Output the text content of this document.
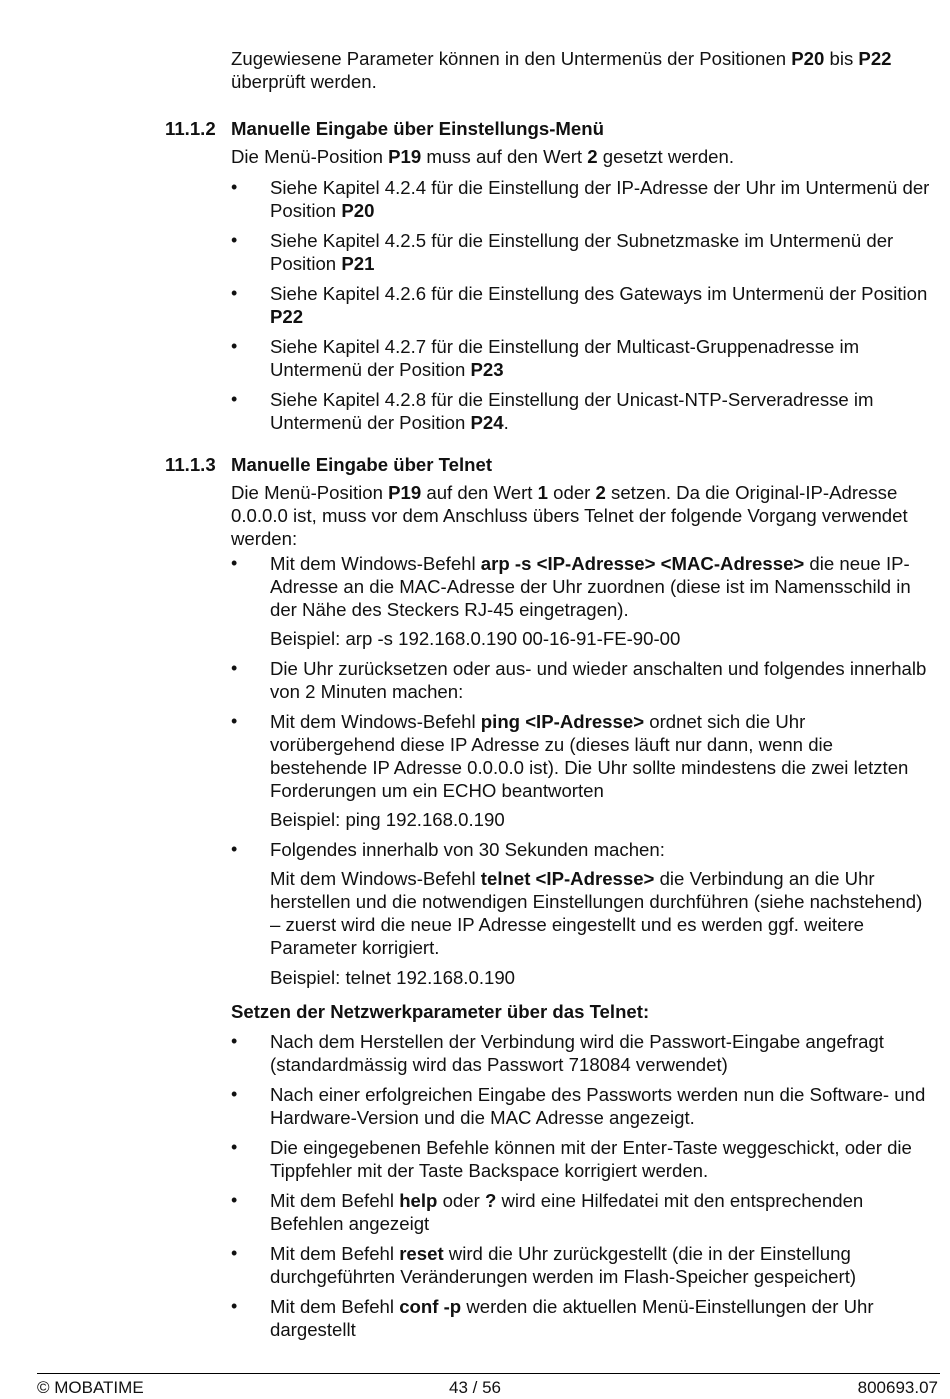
Zugewiesene Parameter können in den Untermenüs der Positionen P20 bis P22 überprüft werden.

11.1.2 Manuelle Eingabe über Einstellungs-Menü

Die Menü-Position P19 muss auf den Wert 2 gesetzt werden.

• Siehe Kapitel 4.2.4 für die Einstellung der IP-Adresse der Uhr im Untermenü der Position P20
• Siehe Kapitel 4.2.5 für die Einstellung der Subnetzmaske im Untermenü der Position P21
• Siehe Kapitel 4.2.6 für die Einstellung des Gateways im Untermenü der Position P22
• Siehe Kapitel 4.2.7 für die Einstellung der Multicast-Gruppenadresse im Untermenü der Position P23
• Siehe Kapitel 4.2.8 für die Einstellung der Unicast-NTP-Serveradresse im Untermenü der Position P24.
11.1.3 Manuelle Eingabe über Telnet

Die Menü-Position P19 auf den Wert 1 oder 2 setzen. Da die Original-IP-Adresse 0.0.0.0 ist, muss vor dem Anschluss übers Telnet der folgende Vorgang verwendet werden:

• Mit dem Windows-Befehl arp -s <IP-Adresse> <MAC-Adresse> die neue IP-Adresse an die MAC-Adresse der Uhr zuordnen (diese ist im Namensschild in der Nähe des Steckers RJ-45 eingetragen).
Beispiel: arp -s 192.168.0.190 00-16-91-FE-90-00
• Die Uhr zurücksetzen oder aus- und wieder anschalten und folgendes innerhalb von 2 Minuten machen:
• Mit dem Windows-Befehl ping <IP-Adresse> ordnet sich die Uhr vorübergehend diese IP Adresse zu (dieses läuft nur dann, wenn die bestehende IP Adresse 0.0.0.0 ist). Die Uhr sollte mindestens die zwei letzten Forderungen um ein ECHO beantworten
Beispiel: ping 192.168.0.190
• Folgendes innerhalb von 30 Sekunden machen:
Mit dem Windows-Befehl telnet <IP-Adresse> die Verbindung an die Uhr herstellen und die notwendigen Einstellungen durchführen (siehe nachstehend) – zuerst wird die neue IP Adresse eingestellt und es werden ggf. weitere Parameter korrigiert.
Beispiel: telnet 192.168.0.190
Setzen der Netzwerkparameter über das Telnet:
• Nach dem Herstellen der Verbindung wird die Passwort-Eingabe angefragt (standardmässig wird das Passwort 718084 verwendet)
• Nach einer erfolgreichen Eingabe des Passworts werden nun die Software- und Hardware-Version und die MAC Adresse angezeigt.
• Die eingegebenen Befehle können mit der Enter-Taste weggeschickt, oder die Tippfehler mit der Taste Backspace korrigiert werden.
• Mit dem Befehl help oder ? wird eine Hilfedatei mit den entsprechenden Befehlen angezeigt
• Mit dem Befehl reset wird die Uhr zurückgestellt (die in der Einstellung durchgeführten Veränderungen werden im Flash-Speicher gespeichert)
• Mit dem Befehl conf -p werden die aktuellen Menü-Einstellungen der Uhr dargestellt
© MOBATIME	43 / 56	800693.07
